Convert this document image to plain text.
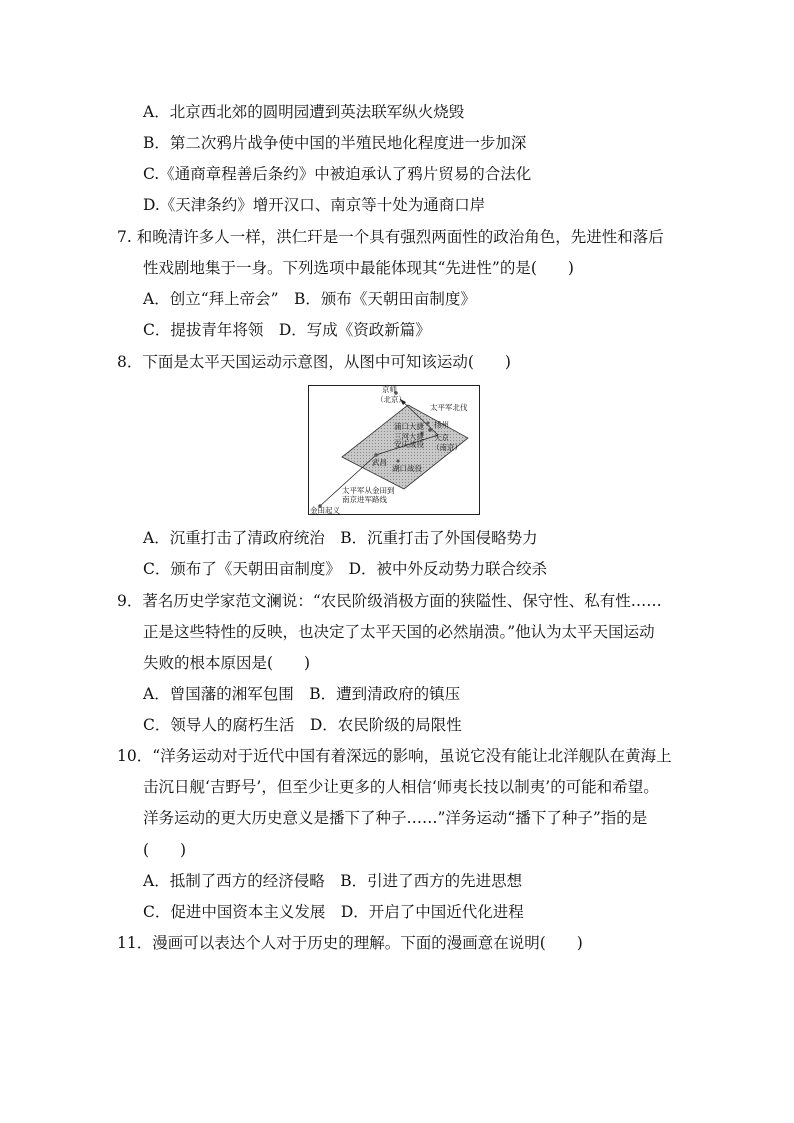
A．北京西北郊的圆明园遭到英法联军纵火烧毁
B．第二次鸦片战争使中国的半殖民地化程度进一步加深
C.《通商章程善后条约》中被迫承认了鸦片贸易的合法化
D.《天津条约》增开汉口、南京等十处为通商口岸
7. 和晚清许多人一样，洪仁玕是一个具有强烈两面性的政治角色，先进性和落后
性戏剧地集于一身。下列选项中最能体现其“先进性”的是(　　)
A．创立“拜上帝会”　B．颁布《天朝田亩制度》
C．提拔青年将领　D．写成《资政新篇》
8．下面是太平天国运动示意图，从图中可知该运动(　　)
京师
（北京）
太平军北伐
浦口大捷
三河大捷
安庆战役
扬州
天京
（南京）
武昌
湖口战役
太平军从金田到
南京进军路线
金田起义
A．沉重打击了清政府统治　B．沉重打击了外国侵略势力
C．颁布了《天朝田亩制度》　D．被中外反动势力联合绞杀
9．著名历史学家范文澜说：“农民阶级消极方面的狭隘性、保守性、私有性……
正是这些特性的反映，也决定了太平天国的必然崩溃。”他认为太平天国运动
失败的根本原因是(　　)
A．曾国藩的湘军包围　B．遭到清政府的镇压
C．领导人的腐朽生活　D．农民阶级的局限性
10．“洋务运动对于近代中国有着深远的影响，虽说它没有能让北洋舰队在黄海上
击沉日舰‘吉野号’，但至少让更多的人相信‘师夷长技以制夷’的可能和希望。
洋务运动的更大历史意义是播下了种子……”洋务运动“播下了种子”指的是
(　　)
A．抵制了西方的经济侵略　B．引进了西方的先进思想
C．促进中国资本主义发展　D．开启了中国近代化进程
11．漫画可以表达个人对于历史的理解。下面的漫画意在说明(　　)
